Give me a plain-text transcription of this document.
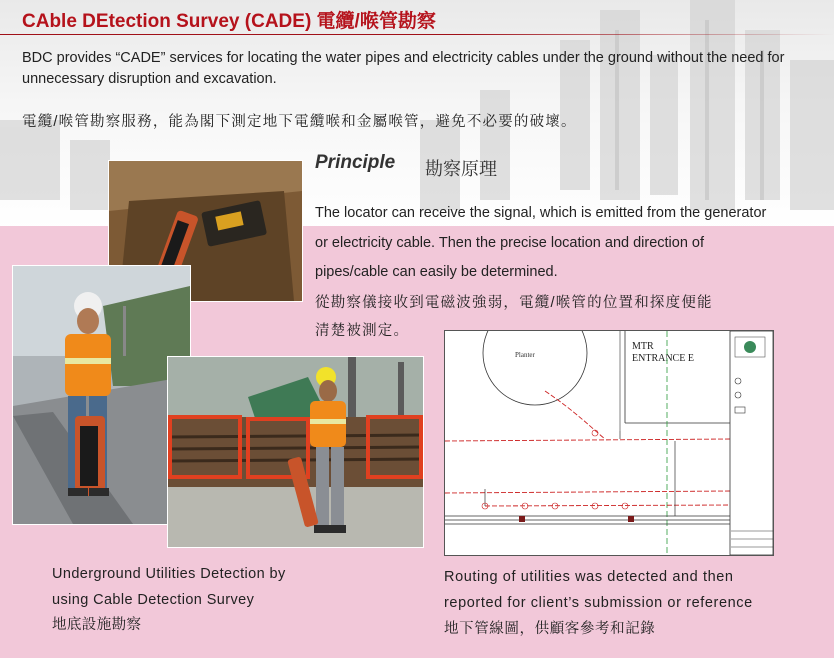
CAble DEtection Survey (CADE) 電纜/喉管勘察
BDC provides “CADE” services for locating the water pipes and electricity cables under the ground without the need for unnecessary disruption and excavation.
電纜/喉管勘察服務，能為閣下測定地下電纜喉和金屬喉管，避免不必要的破壞。
Principle 勘察原理
The locator can receive the signal, which is emitted from the generator
or electricity cable. Then the precise location and direction of
pipes/cable can easily be determined.
從勘察儀接收到電磁波強弱，電纜/喉管的位置和探度便能
清楚被測定。
Planter
MTR
ENTRANCE E
Underground Utilities Detection by
using Cable Detection Survey
地底設施勘察
Routing of utilities was detected and then
reported for client’s submission or reference
地下管線圖，供顧客參考和記錄
